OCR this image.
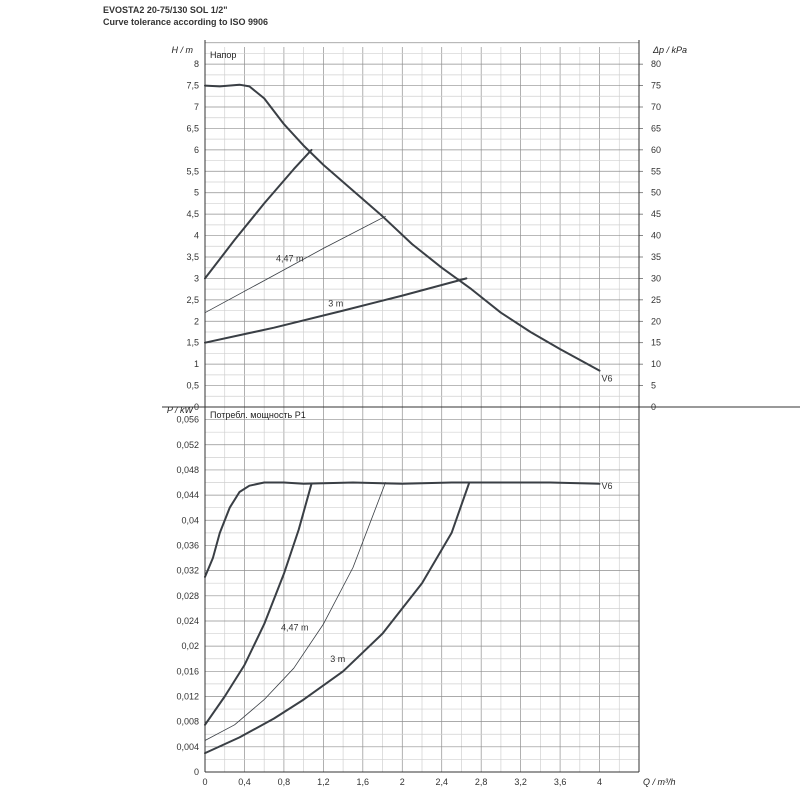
EVOSTA2 20-75/130 SOL 1/2"
Curve tolerance according to ISO 9906
0
0,5
1
1,5
2
2,5
3
3,5
4
4,5
5
5,5
6
6,5
7
7,5
8
0
5
10
15
20
25
30
35
40
45
50
55
60
65
70
75
80
4,47 m
3 m
V6
Напор
H / m	Δp / kPa
0
0,004
0,008
0,012
0,016
0,02
0,024
0,028
0,032
0,036
0,04
0,044
0,048
0,052
0,056
0	0,4	0,8	1,2	1,6	2	2,4	2,8	3,2	3,6	4
4,47 m
3 m
V6
Потребл. мощность P1
P / kW
Q / m³/h
